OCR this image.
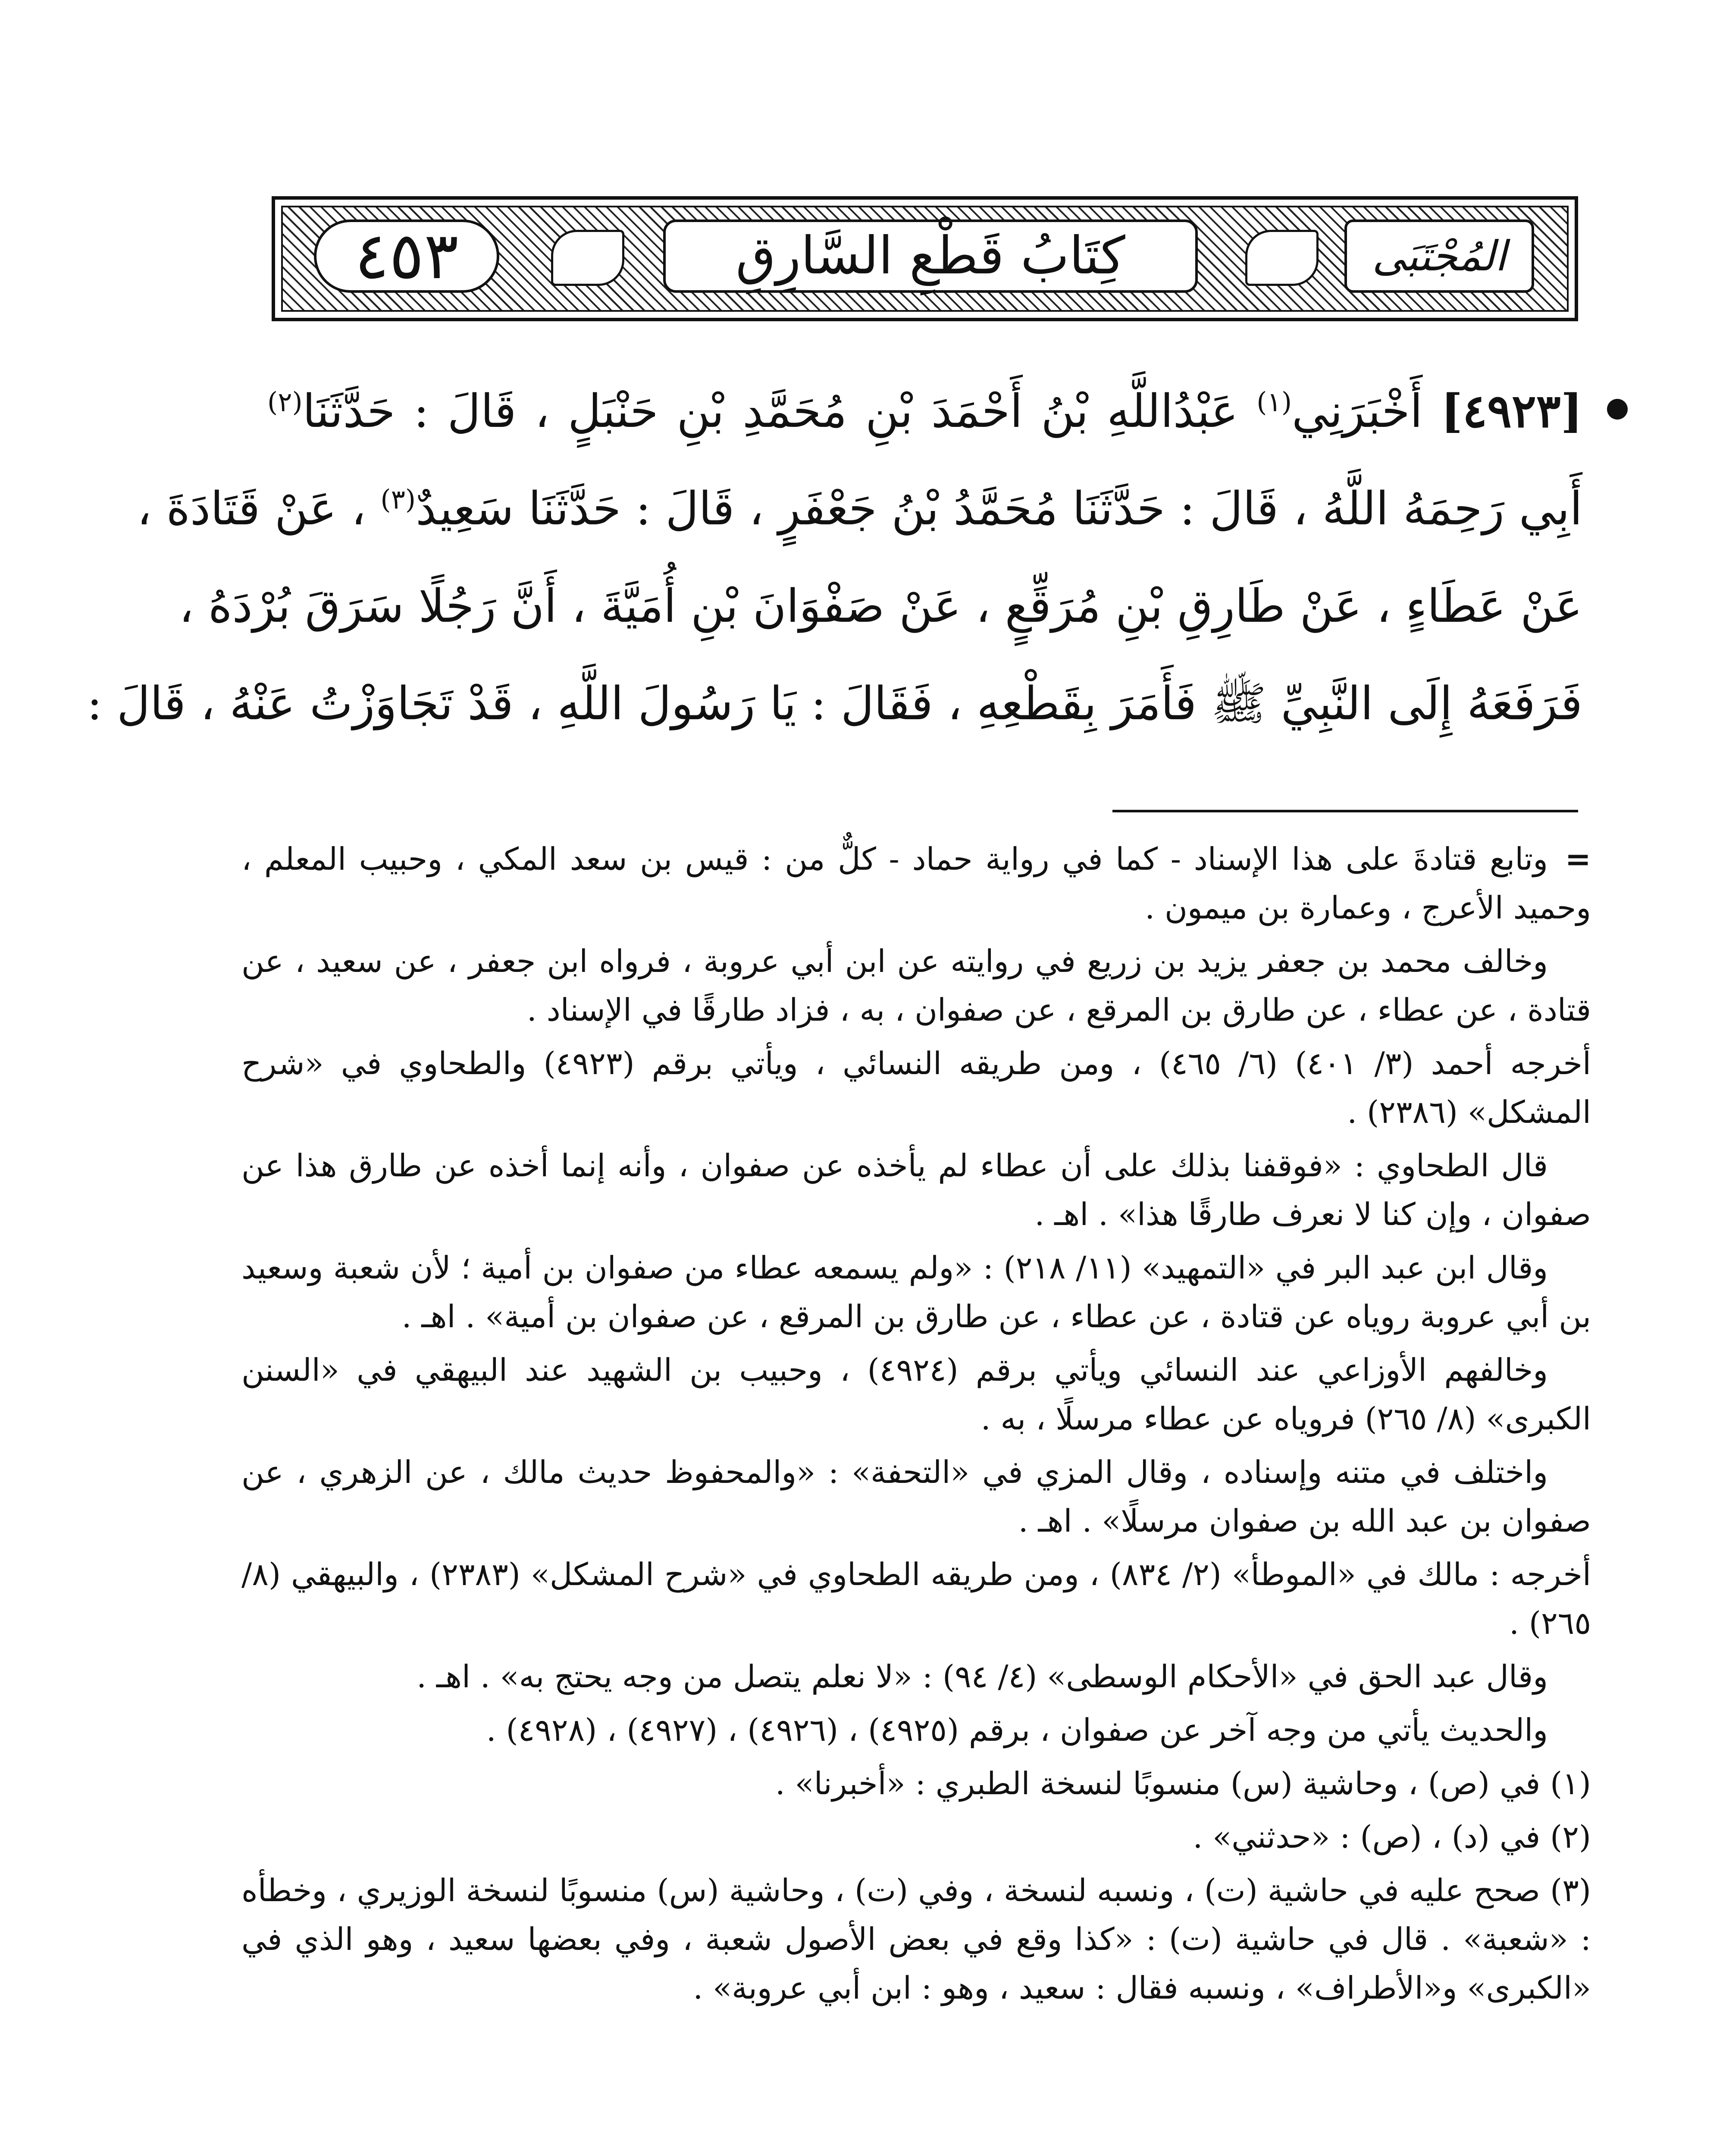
٤٥٣	كِتَابُ قَطْعِ السَّارِقِ	المُجْتَبَى
[٤٩٢٣] أَخْبَرَنِي$^{(١)}$ عَبْدُاللَّهِ بْنُ أَحْمَدَ بْنِ مُحَمَّدِ بْنِ حَنْبَلٍ ، قَالَ : حَدَّثَنَا$^{(٢)}$
أَبِي رَحِمَهُ اللَّهُ ، قَالَ : حَدَّثَنَا مُحَمَّدُ بْنُ جَعْفَرٍ ، قَالَ : حَدَّثَنَا سَعِيدٌ$^{(٣)}$ ، عَنْ قَتَادَةَ ،
عَنْ عَطَاءٍ ، عَنْ طَارِقِ بْنِ مُرَقِّعٍ ، عَنْ صَفْوَانَ بْنِ أُمَيَّةَ ، أَنَّ رَجُلًا سَرَقَ بُرْدَهُ ،
فَرَفَعَهُ إِلَى النَّبِيِّ ﷺ فَأَمَرَ بِقَطْعِهِ ، فَقَالَ : يَا رَسُولَ اللَّهِ ، قَدْ تَجَاوَزْتُ عَنْهُ ، قَالَ :

=وتابع قتادةَ على هذا الإسناد - كما في رواية حماد - كلٌّ من : قيس بن سعد المكي ، وحبيب المعلم ، وحميد الأعرج ، وعمارة بن ميمون .

وخالف محمد بن جعفر يزيد بن زريع في روايته عن ابن أبي عروبة ، فرواه ابن جعفر ، عن سعيد ، عن قتادة ، عن عطاء ، عن طارق بن المرقع ، عن صفوان ، به ، فزاد طارقًا في الإسناد .

أخرجه أحمد (٣/ ٤٠١) (٦/ ٤٦٥) ، ومن طريقه النسائي ، ويأتي برقم (٤٩٢٣) والطحاوي في «شرح المشكل» (٢٣٨٦) .

قال الطحاوي : «فوقفنا بذلك على أن عطاء لم يأخذه عن صفوان ، وأنه إنما أخذه عن طارق هذا عن صفوان ، وإن كنا لا نعرف طارقًا هذا» . اهـ .

وقال ابن عبد البر في «التمهيد» (١١/ ٢١٨) : «ولم يسمعه عطاء من صفوان بن أمية ؛ لأن شعبة وسعيد بن أبي عروبة روياه عن قتادة ، عن عطاء ، عن طارق بن المرقع ، عن صفوان بن أمية» . اهـ .

وخالفهم الأوزاعي عند النسائي ويأتي برقم (٤٩٢٤) ، وحبيب بن الشهيد عند البيهقي في «السنن الكبرى» (٨/ ٢٦٥) فروياه عن عطاء مرسلًا ، به .

واختلف في متنه وإسناده ، وقال المزي في «التحفة» : «والمحفوظ حديث مالك ، عن الزهري ، عن صفوان بن عبد الله بن صفوان مرسلًا» . اهـ .

أخرجه : مالك في «الموطأ» (٢/ ٨٣٤) ، ومن طريقه الطحاوي في «شرح المشكل» (٢٣٨٣) ، والبيهقي (٨/ ٢٦٥) .

وقال عبد الحق في «الأحكام الوسطى» (٤/ ٩٤) : «لا نعلم يتصل من وجه يحتج به» . اهـ .

والحديث يأتي من وجه آخر عن صفوان ، برقم (٤٩٢٥) ، (٤٩٢٦) ، (٤٩٢٧) ، (٤٩٢٨) .

(١) في (ص) ، وحاشية (س) منسوبًا لنسخة الطبري : «أخبرنا» .

(٢) في (د) ، (ص) : «حدثني» .

(٣) صحح عليه في حاشية (ت) ، ونسبه لنسخة ، وفي (ت) ، وحاشية (س) منسوبًا لنسخة الوزيري ، وخطأه : «شعبة» . قال في حاشية (ت) : «كذا وقع في بعض الأصول شعبة ، وفي بعضها سعيد ، وهو الذي في «الكبرى» و«الأطراف» ، ونسبه فقال : سعيد ، وهو : ابن أبي عروبة» .
